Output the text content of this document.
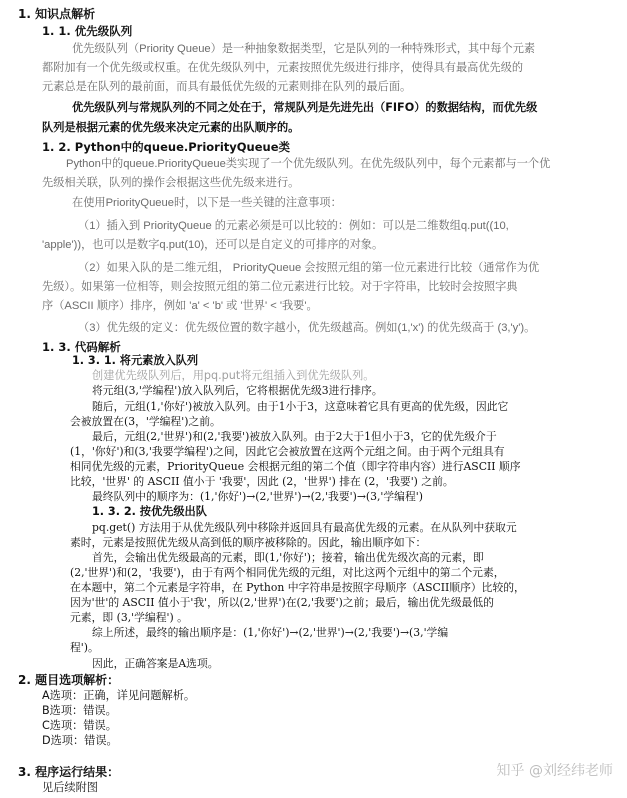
1. 知识点解析
1. 1. 优先级队列
优先级队列（Priority Queue）是一种抽象数据类型，它是队列的一种特殊形式，其中每个元素
都附加有一个优先级或权重。在优先级队列中，元素按照优先级进行排序，使得具有最高优先级的
元素总是在队列的最前面，而具有最低优先级的元素则排在队列的最后面。
优先级队列与常规队列的不同之处在于，常规队列是先进先出（FIFO）的数据结构，而优先级
队列是根据元素的优先级来决定元素的出队顺序的。
1. 2. Python中的queue.PriorityQueue类
Python中的queue.PriorityQueue类实现了一个优先级队列。在优先级队列中，每个元素都与一个优
先级相关联，队列的操作会根据这些优先级来进行。
在使用PriorityQueue时，以下是一些关键的注意事项：
（1）插入到 PriorityQueue 的元素必须是可以比较的：例如：可以是二维数组q.put((10,
'apple'))，也可以是数字q.put(10)，还可以是自定义的可排序的对象。
（2）如果入队的是二维元组， PriorityQueue 会按照元组的第一位元素进行比较（通常作为优
先级）。如果第一位相等，则会按照元组的第二位元素进行比较。对于字符串，比较时会按照字典
序（ASCII 顺序）排序，例如 'a' < 'b' 或 '世界' < '我要'。
（3）优先级的定义：优先级位置的数字越小，优先级越高。例如(1,'x') 的优先级高于 (3,'y')。
1. 3. 代码解析
1. 3. 1. 将元素放入队列
创建优先级队列后，用pq.put将元组插入到优先级队列。
将元组(3,'学编程')放入队列后，它将根据优先级3进行排序。
随后，元组(1,'你好')被放入队列。由于1小于3，这意味着它具有更高的优先级，因此它
会被放置在(3，'学编程')之前。
最后，元组(2,'世界')和(2,'我要')被放入队列。由于2大于1但小于3，它的优先级介于
(1，'你好')和(3,'我要学编程')之间，因此它会被放置在这两个元组之间。由于两个元组具有
相同优先级的元素，PriorityQueue 会根据元组的第二个值（即字符串内容）进行ASCII 顺序
比较，'世界' 的 ASCII 值小于 '我要'，因此 (2，'世界') 排在 (2，'我要') 之前。
最终队列中的顺序为：(1,'你好')→(2,'世界')→(2,'我要')→(3,'学编程')
1. 3. 2. 按优先级出队
pq.get() 方法用于从优先级队列中移除并返回具有最高优先级的元素。在从队列中获取元
素时，元素是按照优先级从高到低的顺序被移除的。因此，输出顺序如下：
首先，会输出优先级最高的元素，即(1,'你好')；接着，输出优先级次高的元素，即
(2,'世界')和(2，'我要')，由于有两个相同优先级的元组，对比这两个元组中的第二个元素，
在本题中，第二个元素是字符串，在 Python 中字符串是按照字母顺序（ASCII顺序）比较的，
因为'世'的 ASCII 值小于'我'，所以(2,'世界')在(2,'我要')之前；最后，输出优先级最低的
元素，即 (3,'学编程') 。
综上所述，最终的输出顺序是：(1,'你好')→(2,'世界')→(2,'我要')→(3,'学编
程')。
因此，正确答案是A选项。
2. 题目选项解析：
A选项：正确，详见问题解析。
B选项：错误。
C选项：错误。
D选项：错误。
3. 程序运行结果：
见后续附图
知乎 @刘经纬老师
